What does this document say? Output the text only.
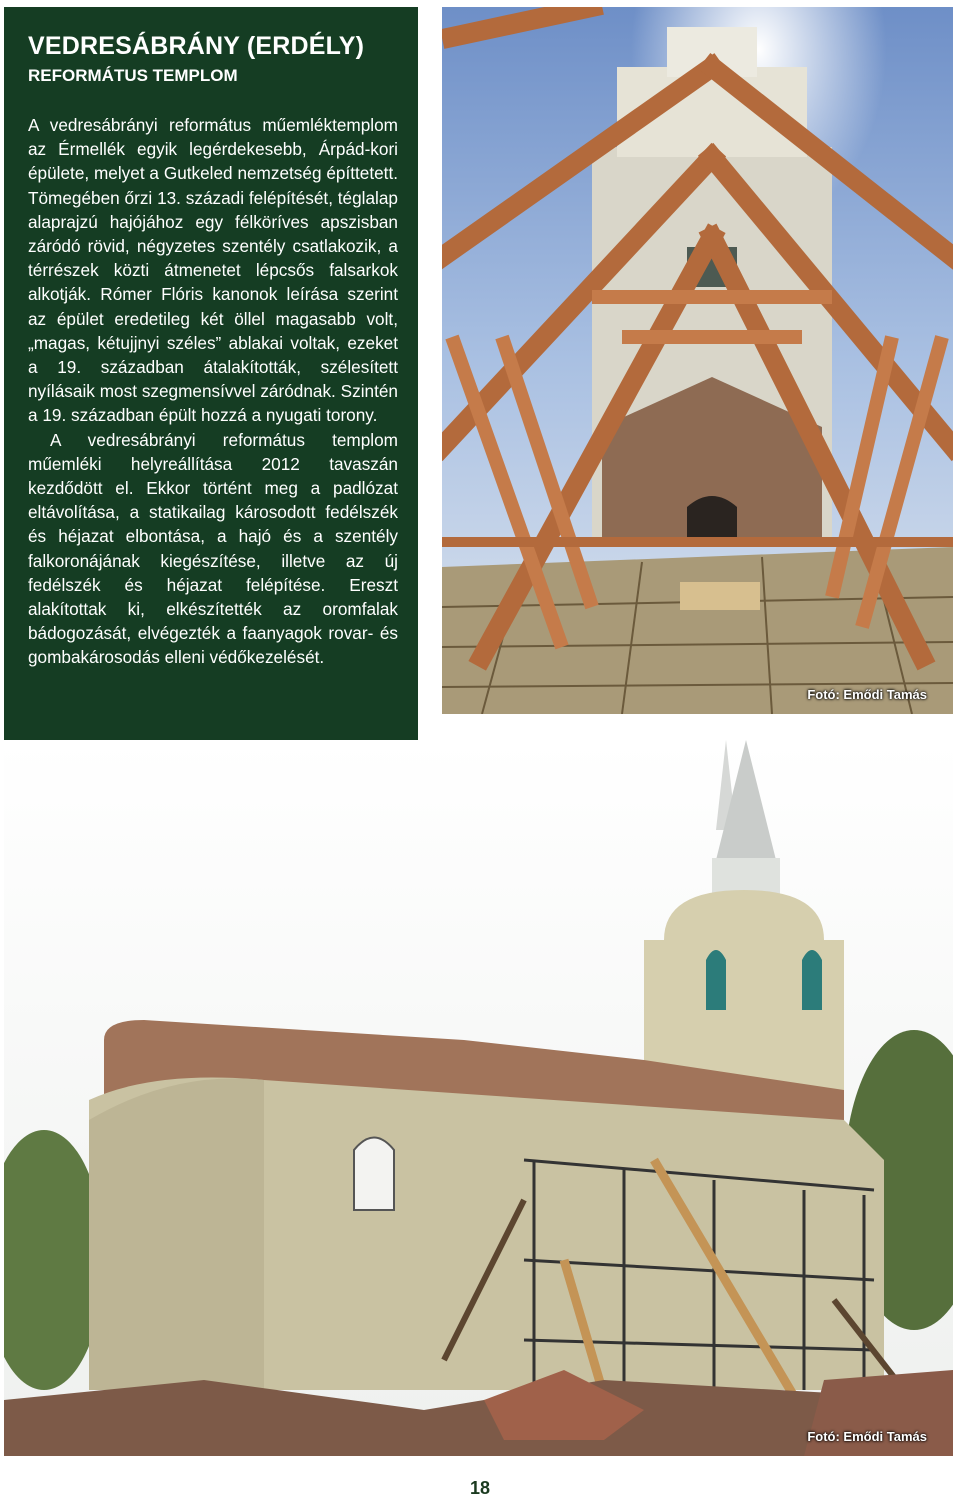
VEDRESÁBRÁNY (ERDÉLY)
REFORMÁTUS TEMPLOM

A vedresábrányi református műemléktemplom az Érmellék egyik legérdekesebb, Árpád-kori épülete, melyet a Gutkeled nemzetség építtetett. Tömegében őrzi 13. századi felépítését, téglalap alaprajzú hajójához egy félköríves apszisban záródó rövid, négyzetes szentély csatlakozik, a térrészek közti átmenetet lépcsős falsarkok alkotják. Rómer Flóris kanonok leírása szerint az épület eredetileg két öllel magasabb volt, „magas, kétujjnyi széles” ablakai voltak, ezeket a 19. században átalakították, szélesített nyílásaik most szegmensívvel záródnak. Szintén a 19. században épült hozzá a nyugati torony.

A vedresábrányi református templom műemléki helyreállítása 2012 tavaszán kezdődött el. Ekkor történt meg a padlózat eltávolítása, a statikailag károsodott fedélszék és héjazat elbontása, a hajó és a szentély falkoronájának kiegészítése, illetve az új fedélszék és héjazat felépítése. Ereszt alakítottak ki, elkészítették az oromfalak bádogozását, elvégezték a faanyagok rovar- és gombakárosodás elleni védőkezelését.

Fotó: Emődi Tamás
Fotó: Emődi Tamás
18
